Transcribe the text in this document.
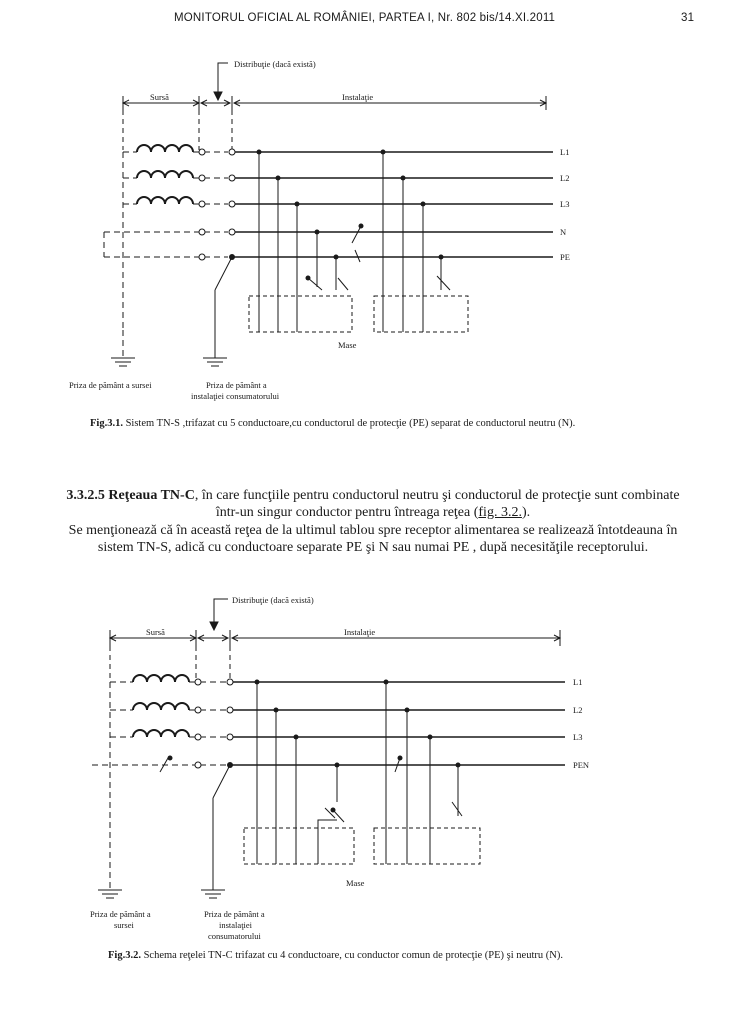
MONITORUL OFICIAL AL ROMÂNIEI, PARTEA I, Nr. 802 bis/14.XI.2011	31
Distribuţie (dacă există)
Sursă	Instalaţie
L1
L2
L3
N
PE
Mase
Priza de pământ a sursei	Priza de pământ a
instalaţiei consumatorului
Fig.3.1. Sistem TN-S ,trifazat cu 5 conductoare,cu conductorul de protecţie (PE) separat de conductorul neutru (N).
3.3.2.5 Reţeaua TN-C, în care funcţiile pentru conductorul neutru şi conductorul de protecţie sunt combinate într-un singur conductor pentru întreaga reţea (fig. 3.2.).
Se menţionează că în această reţea de la ultimul tablou spre receptor alimentarea se realizează întotdeauna în sistem TN-S, adică cu conductoare separate PE şi N sau numai PE , după necesităţile receptorului.
Distribuţie (dacă există)
Sursă	Instalaţie
L1
L2
L3
PEN
Mase
Priza de pământ a
sursei
Priza de pământ a
instalaţiei
consumatorului
Fig.3.2. Schema reţelei TN-C trifazat cu 4 conductoare, cu conductor comun de protecţie (PE) şi neutru (N).
